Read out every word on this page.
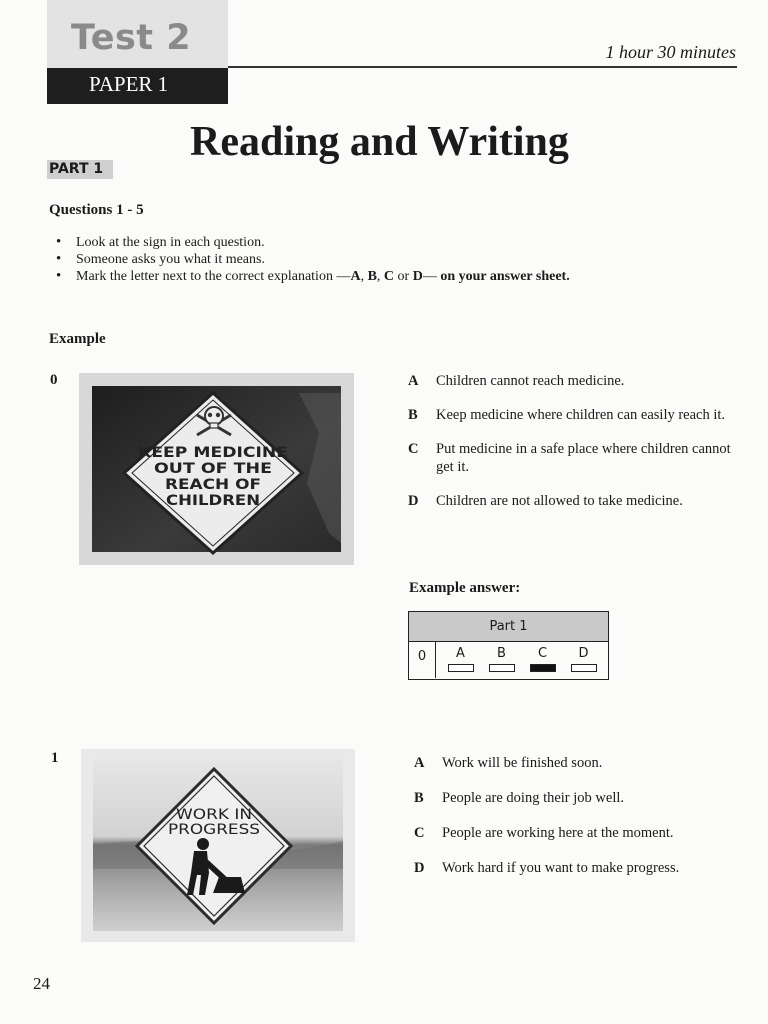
Test 2
PAPER 1
1 hour 30 minutes
Reading and Writing
PART 1
Questions 1 - 5
• Look at the sign in each question.
• Someone asks you what it means.
• Mark the letter next to the correct explanation —A, B, C or D— on your answer sheet.
Example
0
KEEP MEDICINE
OUT OF THE
REACH OF
CHILDREN
A Children cannot reach medicine.
B Keep medicine where children can easily reach it.
C Put medicine in a safe place where children cannot get it.
D Children are not allowed to take medicine.
Example answer:
Part 1
0	A B C D
1
WORK IN
PROGRESS
A Work will be finished soon.
B People are doing their job well.
C People are working here at the moment.
D Work hard if you want to make progress.
24
